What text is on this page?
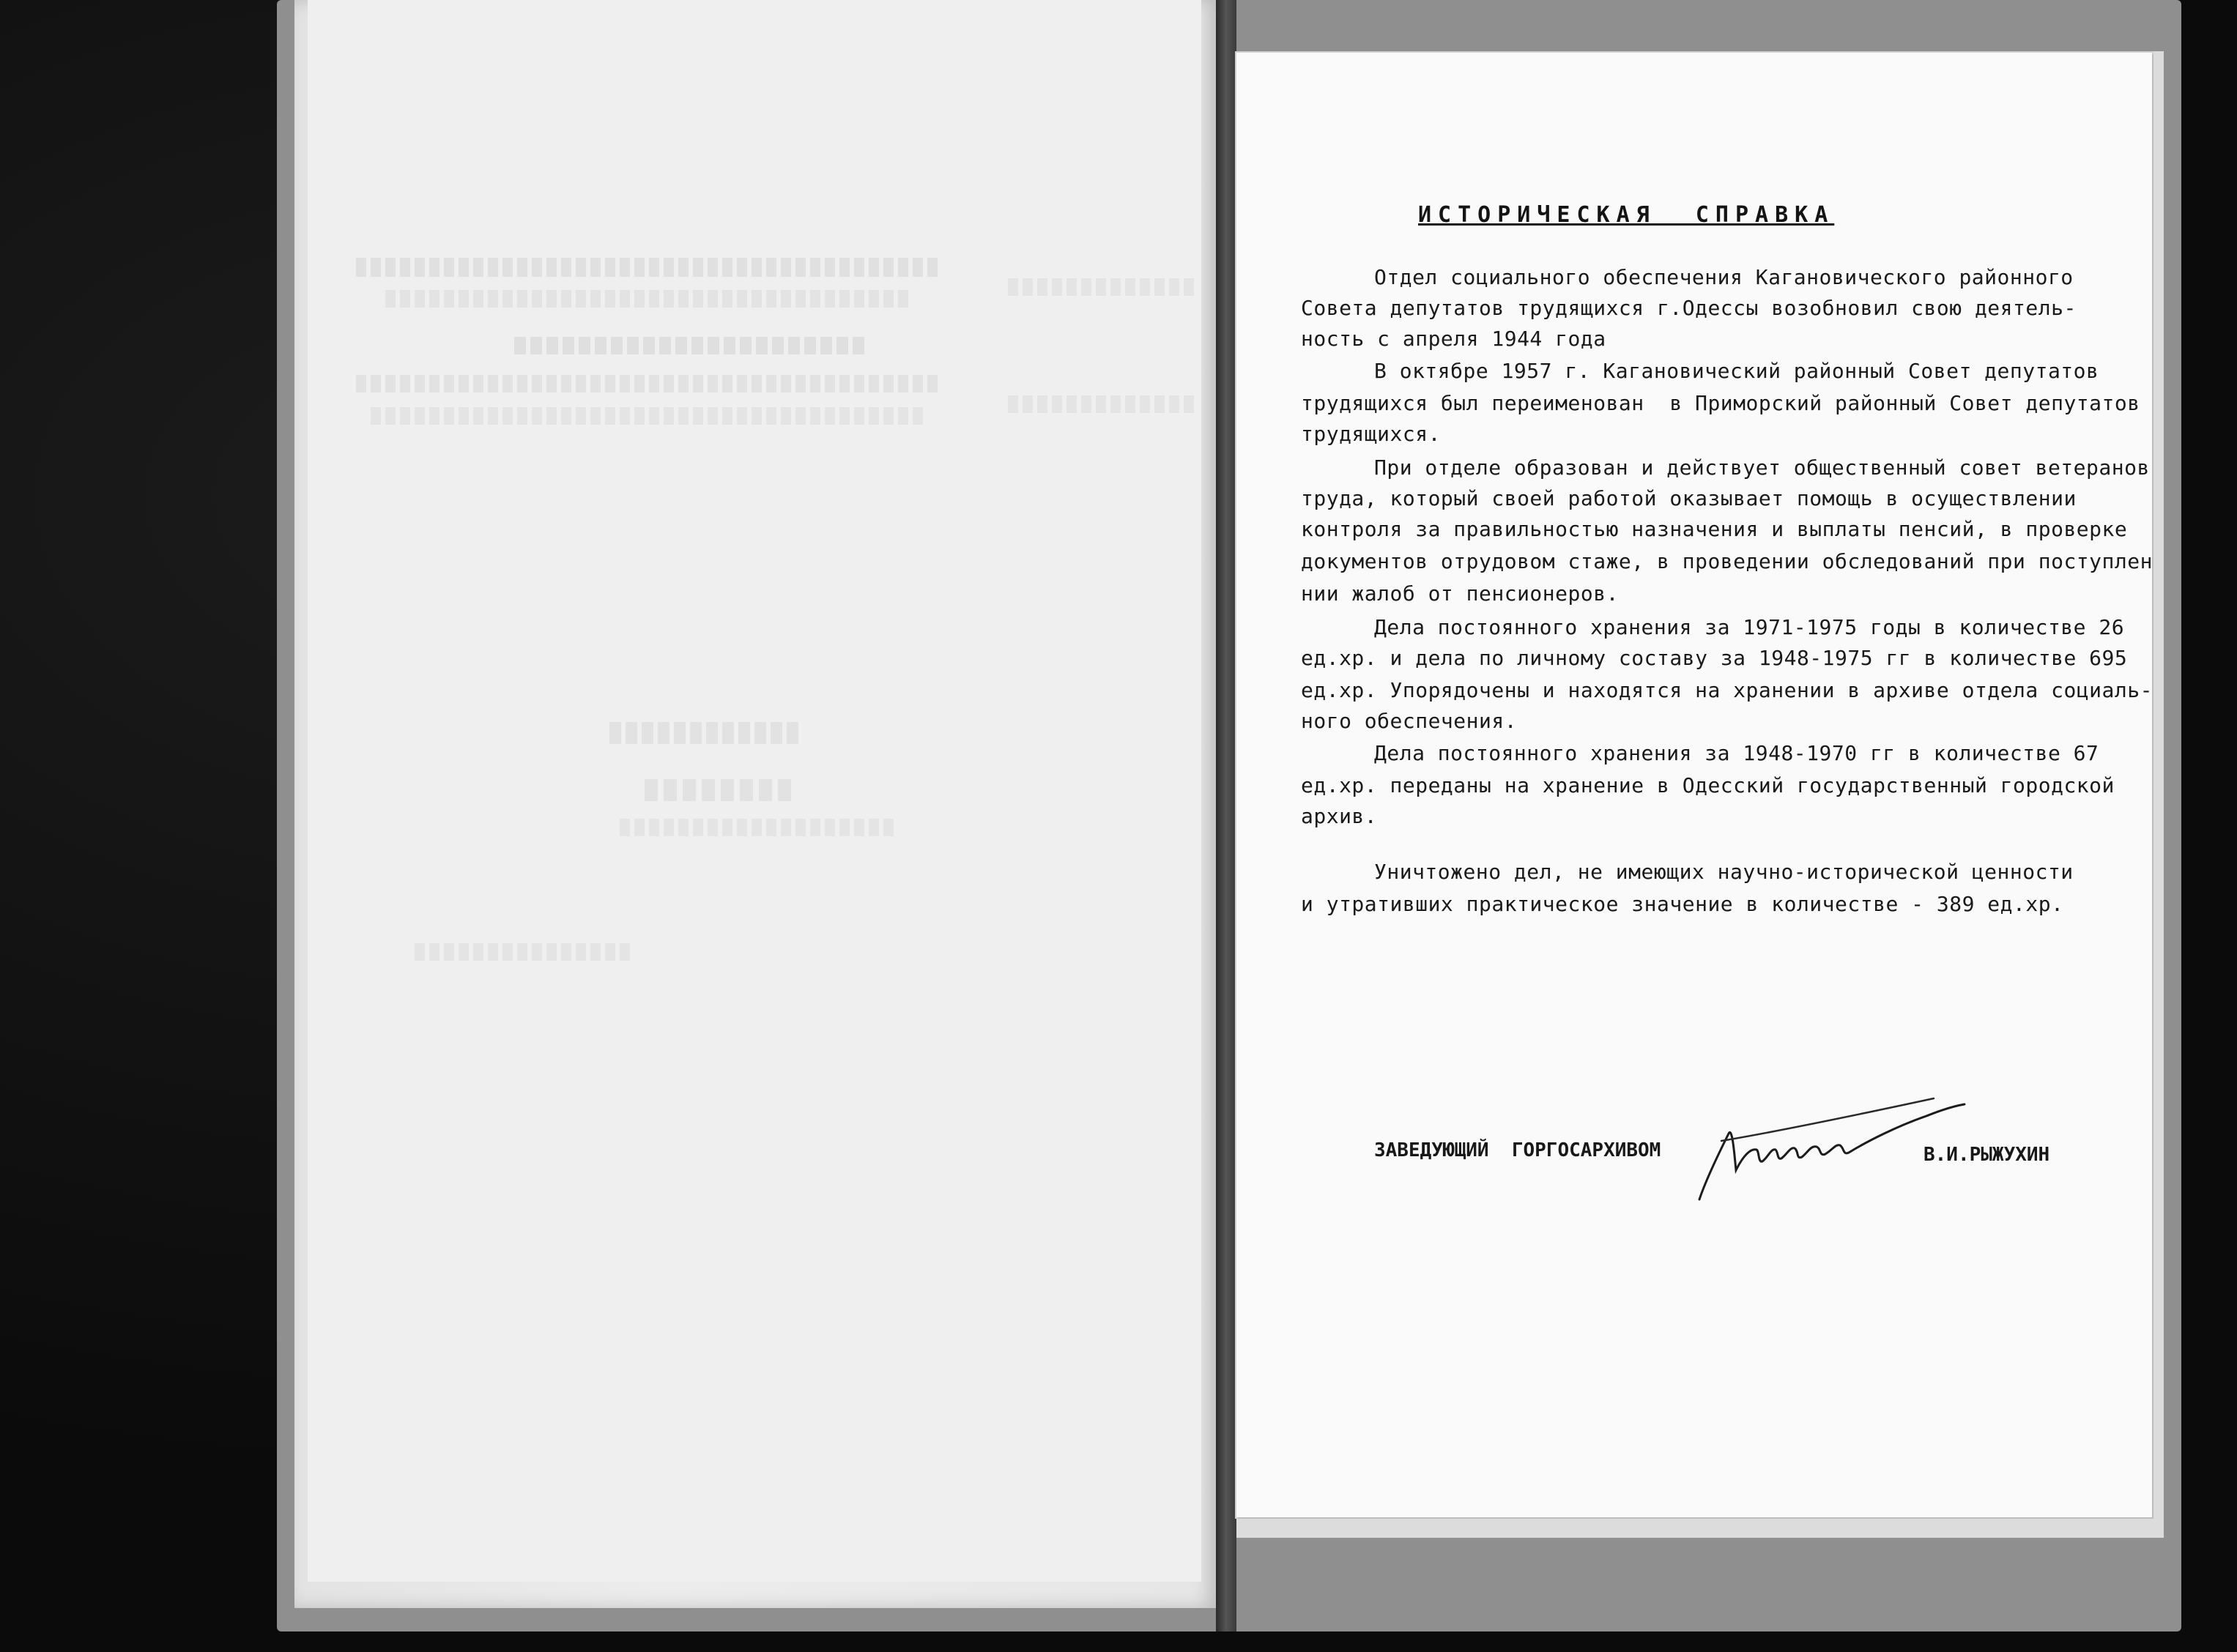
ИСТОРИЧЕСКАЯ  СПРАВКА
Отдел социального обеспечения Кагановического районного
Совета депутатов трудящихся г.Одессы возобновил свою деятель-
ность с апреля 1944 года
В октябре 1957 г. Кагановический районный Совет депутатов
трудящихся был переименован  в Приморский районный Совет депутатов
трудящихся.
При отделе образован и действует общественный совет ветеранов
труда, который своей работой оказывает помощь в осуществлении
контроля за правильностью назначения и выплаты пенсий, в проверке
документов отрудовом стаже, в проведении обследований при поступлен
нии жалоб от пенсионеров.
Дела постоянного хранения за 1971-1975 годы в количестве 26
ед.хр. и дела по личному составу за 1948-1975 гг в количестве 695
ед.хр. Упорядочены и находятся на хранении в архиве отдела социаль-
ного обеспечения.
Дела постоянного хранения за 1948-1970 гг в количестве 67
ед.хр. переданы на хранение в Одесский государственный городской
архив.
Уничтожено дел, не имеющих научно-исторической ценности
и утративших практическое значение в количестве - 389 ед.хр.
ЗАВЕДУЮЩИЙ  ГОРГОСАРХИВОМ	В.И.РЫЖУХИН
